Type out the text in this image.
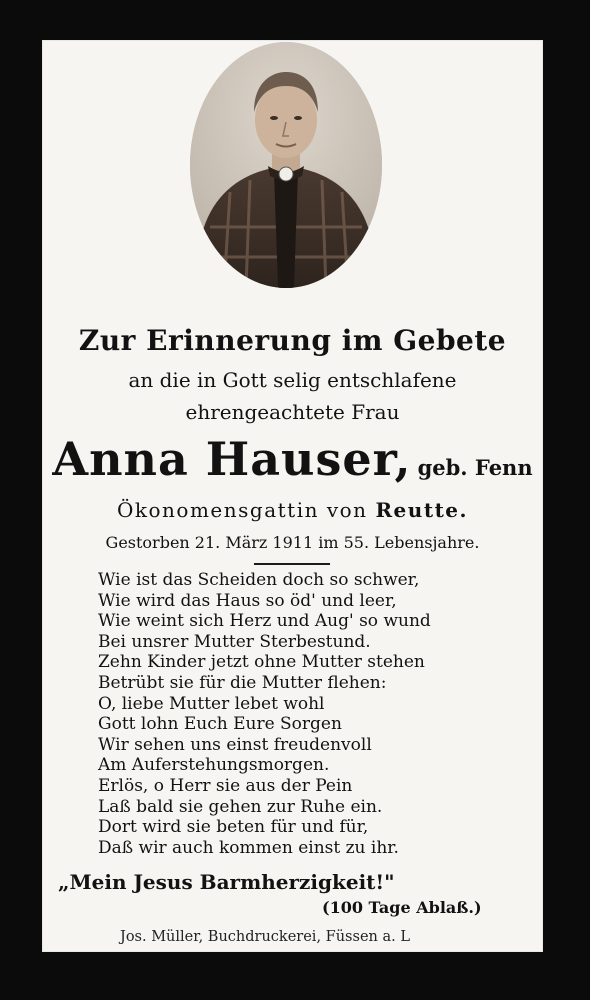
Zur Erinnerung im Gebete
an die in Gott selig entschlafene
ehrengeachtete Frau
Anna Hauser, geb. Fenn
Ökonomensgattin von Reutte.
Gestorben 21. März 1911 im 55. Lebensjahre.
Wie ist das Scheiden doch so schwer,
Wie wird das Haus so öd' und leer,
Wie weint sich Herz und Aug' so wund
Bei unsrer Mutter Sterbestund.
Zehn Kinder jetzt ohne Mutter stehen
Betrübt sie für die Mutter flehen:
O, liebe Mutter lebet wohl
Gott lohn Euch Eure Sorgen
Wir sehen uns einst freudenvoll
Am Auferstehungsmorgen.
Erlös, o Herr sie aus der Pein
Laß bald sie gehen zur Ruhe ein.
Dort wird sie beten für und für,
Daß wir auch kommen einst zu ihr.
„Mein Jesus Barmherzigkeit!"
(100 Tage Ablaß.)
Jos. Müller, Buchdruckerei, Füssen a. L
